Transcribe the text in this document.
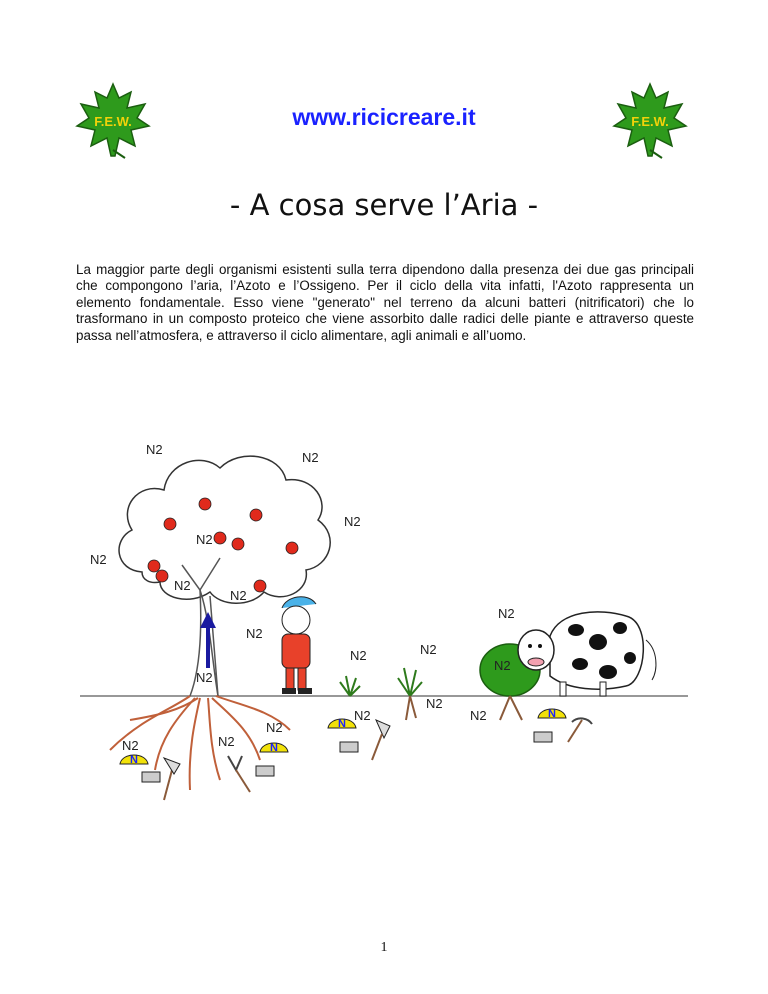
F.E.W.	www.ricicreare.it	F.E.W.
- A cosa serve l’Aria -
La maggior parte degli organismi esistenti sulla terra dipendono dalla presenza dei due gas principali che compongono l’aria, l’Azoto e l’Ossigeno. Per il ciclo della vita infatti, l'Azoto rappresenta un elemento fondamentale. Esso viene "generato" nel terreno da alcuni batteri (nitrificatori) che lo trasformano in un composto proteico che viene assorbito dalle radici delle piante e attraverso queste passa nell’atmosfera, e attraverso il ciclo alimentare, agli animali e all’uomo.
N
N
N
N
N2
N2
N2
N2
N2
N2
N2
N2
N2
N2	N2
N2
N2
N2
N2
N2
N2
N2
N2
1
